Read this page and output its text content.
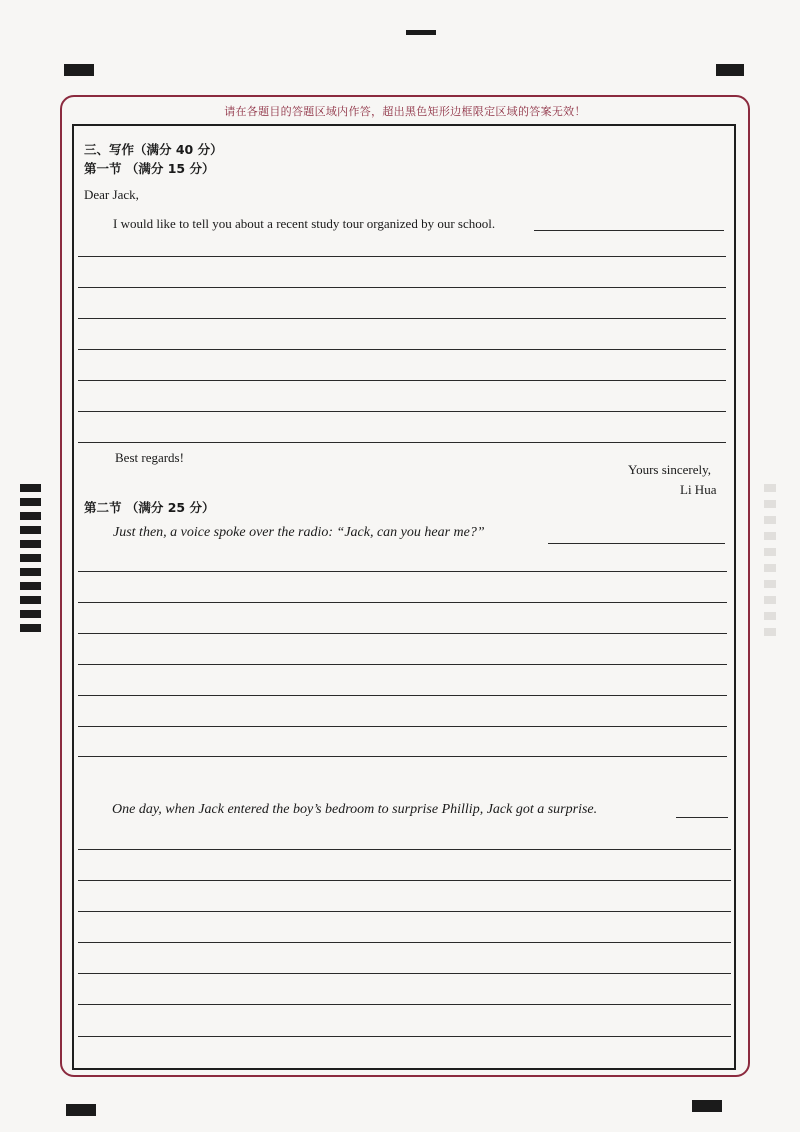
请在各题目的答题区域内作答，超出黑色矩形边框限定区域的答案无效！
三、写作（满分 40 分）
第一节 （满分 15 分）
Dear Jack,
I would like to tell you about a recent study tour organized by our school.
Best regards!
Yours sincerely,
Li Hua
第二节 （满分 25 分）
Just then, a voice spoke over the radio: “Jack, can you hear me?”
One day, when Jack entered the boy’s bedroom to surprise Phillip, Jack got a surprise.
